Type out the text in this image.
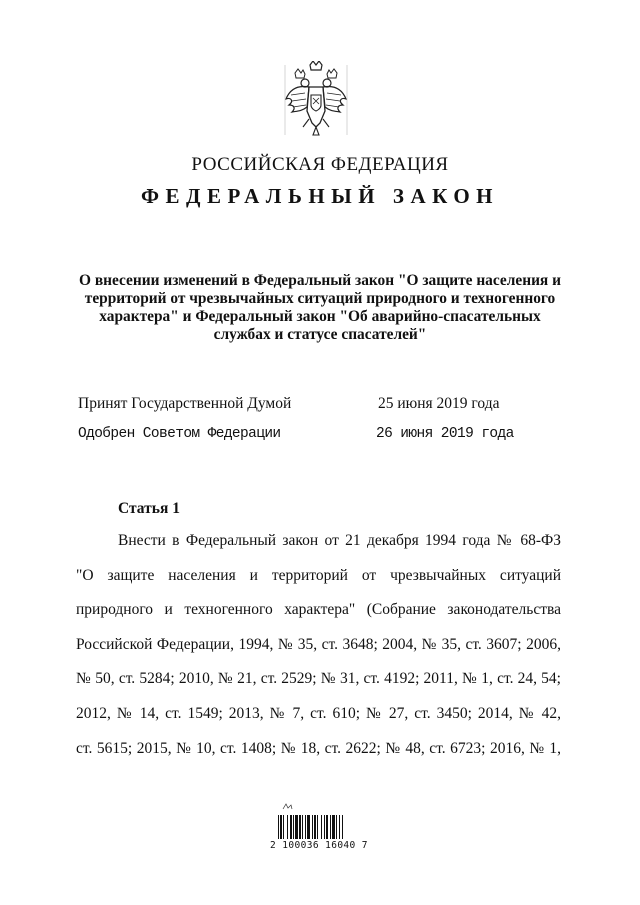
РОССИЙСКАЯ ФЕДЕРАЦИЯ
ФЕДЕРАЛЬНЫЙ ЗАКОН

О внесении изменений в Федеральный закон "О защите населения и
территорий от чрезвычайных ситуаций природного и техногенного
характера" и Федеральный закон "Об аварийно-спасательных
службах и статусе спасателей"

Принят Государственной Думой	25 июня 2019 года
Одобрен Советом Федерации	26 июня 2019 года
Статья 1
Внести в Федеральный закон от 21 декабря 1994 года № 68-ФЗ
"О защите населения и территорий от чрезвычайных ситуаций
природного и техногенного характера" (Собрание законодательства
Российской Федерации, 1994, № 35, ст. 3648; 2004, № 35, ст. 3607; 2006,
№ 50, ст. 5284; 2010, № 21, ст. 2529; № 31, ст. 4192; 2011, № 1, ст. 24, 54;
2012, № 14, ст. 1549; 2013, № 7, ст. 610; № 27, ст. 3450; 2014, № 42,
ст. 5615; 2015, № 10, ст. 1408; № 18, ст. 2622; № 48, ст. 6723; 2016, № 1,
2 100036 16040 7
